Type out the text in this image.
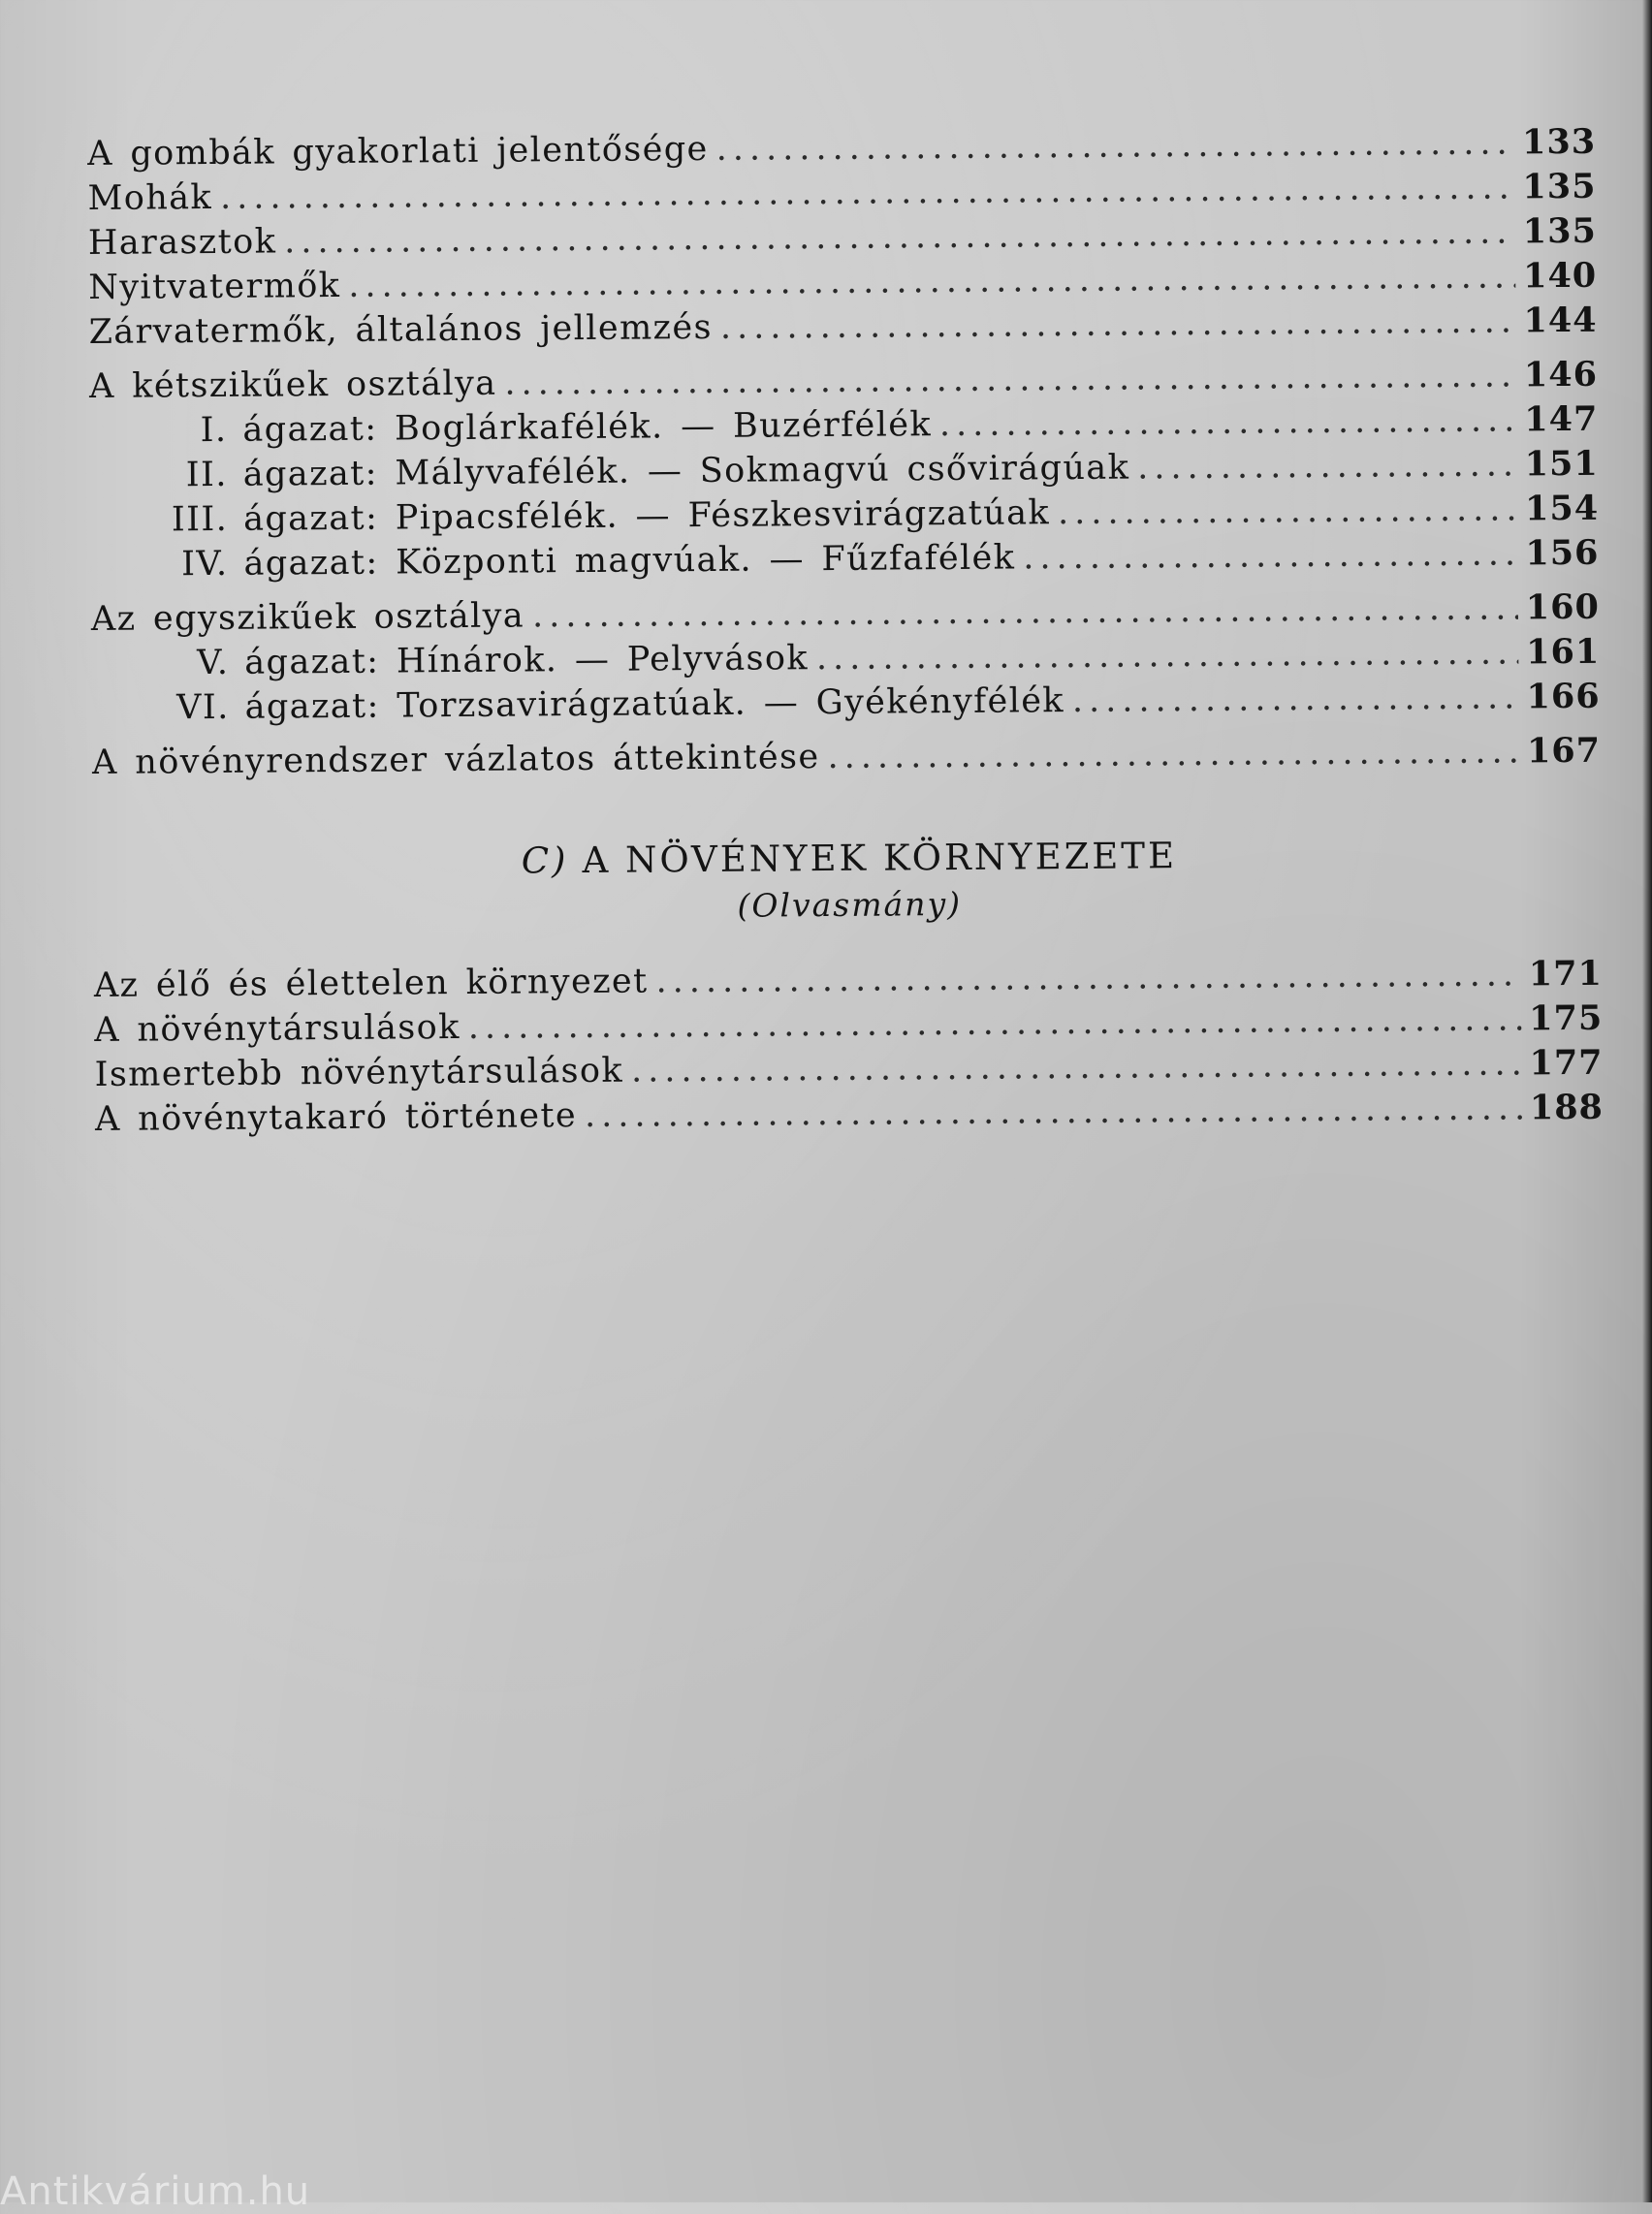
A gombák gyakorlati jelentősége .....	133
Mohák .....	135
Harasztok .....	135
Nyitvatermők .....	140
Zárvatermők, általános jellemzés .....	144
A kétszikűek osztálya .....	146
I. ágazat: Boglárkafélék. — Buzérfélék .....	147
II. ágazat: Mályvafélék. — Sokmagvú csővirágúak .....	151
III. ágazat: Pipacsfélék. — Fészkesvirágzatúak .....	154
IV. ágazat: Központi magvúak. — Fűzfafélék .....	156
Az egyszikűek osztálya .....	160
V. ágazat: Hínárok. — Pelyvások .....	161
VI. ágazat: Torzsavirágzatúak. — Gyékényfélék .....	166
A növényrendszer vázlatos áttekintése .....	167
C) A NÖVÉNYEK KÖRNYEZETE
(Olvasmány)
Az élő és élettelen környezet .....	171
A növénytársulások .....	175
Ismertebb növénytársulások .....	177
A növénytakaró története .....	188
Antikvárium.hu
